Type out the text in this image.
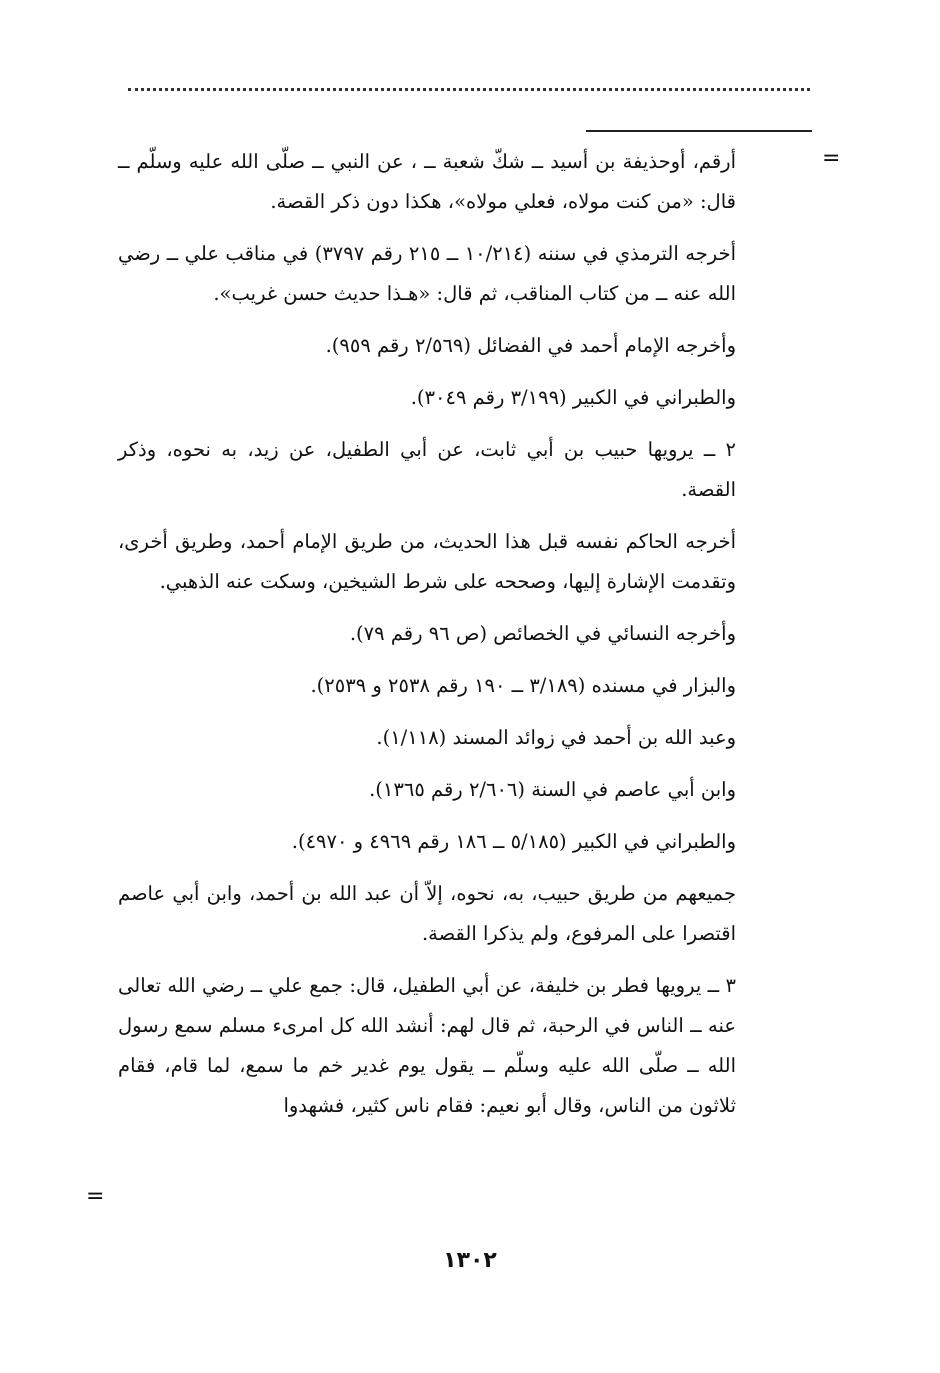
=

أرقم، أوحذيفة بن أسيد ــ شكّ شعبة ــ ، عن النبي ــ صلّى الله عليه وسلّم ــ قال: «من كنت مولاه، فعلي مولاه»، هكذا دون ذكر القصة.

أخرجه الترمذي في سننه (١٠/٢١٤ ــ ٢١٥ رقم ٣٧٩٧) في مناقب علي ــ رضي الله عنه ــ من كتاب المناقب، ثم قال: «هـذا حديث حسن غريب».

وأخرجه الإمام أحمد في الفضائل (٢/٥٦٩ رقم ٩٥٩).

والطبراني في الكبير (٣/١٩٩ رقم ٣٠٤٩).

٢ ــ يرويها حبيب بن أبي ثابت، عن أبي الطفيل، عن زيد، به نحوه، وذكر القصة.

أخرجه الحاكم نفسه قبل هذا الحديث، من طريق الإمام أحمد، وطريق أخرى، وتقدمت الإشارة إليها، وصححه على شرط الشيخين، وسكت عنه الذهبي.

وأخرجه النسائي في الخصائص (ص ٩٦ رقم ٧٩).

والبزار في مسنده (٣/١٨٩ ــ ١٩٠ رقم ٢٥٣٨ و ٢٥٣٩).

وعبد الله بن أحمد في زوائد المسند (١/١١٨).

وابن أبي عاصم في السنة (٢/٦٠٦ رقم ١٣٦٥).

والطبراني في الكبير (٥/١٨٥ ــ ١٨٦ رقم ٤٩٦٩ و ٤٩٧٠).

جميعهم من طريق حبيب، به، نحوه، إلاّ أن عبد الله بن أحمد، وابن أبي عاصم اقتصرا على المرفوع، ولم يذكرا القصة.

٣ ــ يرويها فطر بن خليفة، عن أبي الطفيل، قال: جمع علي ــ رضي الله تعالى عنه ــ الناس في الرحبة، ثم قال لهم: أنشد الله كل امرىء مسلم سمع رسول الله ــ صلّى الله عليه وسلّم ــ يقول يوم غدير خم ما سمع، لما قام، فقام ثلاثون من الناس، وقال أبو نعيم: فقام ناس كثير، فشهدوا

=
١٣٠٢
